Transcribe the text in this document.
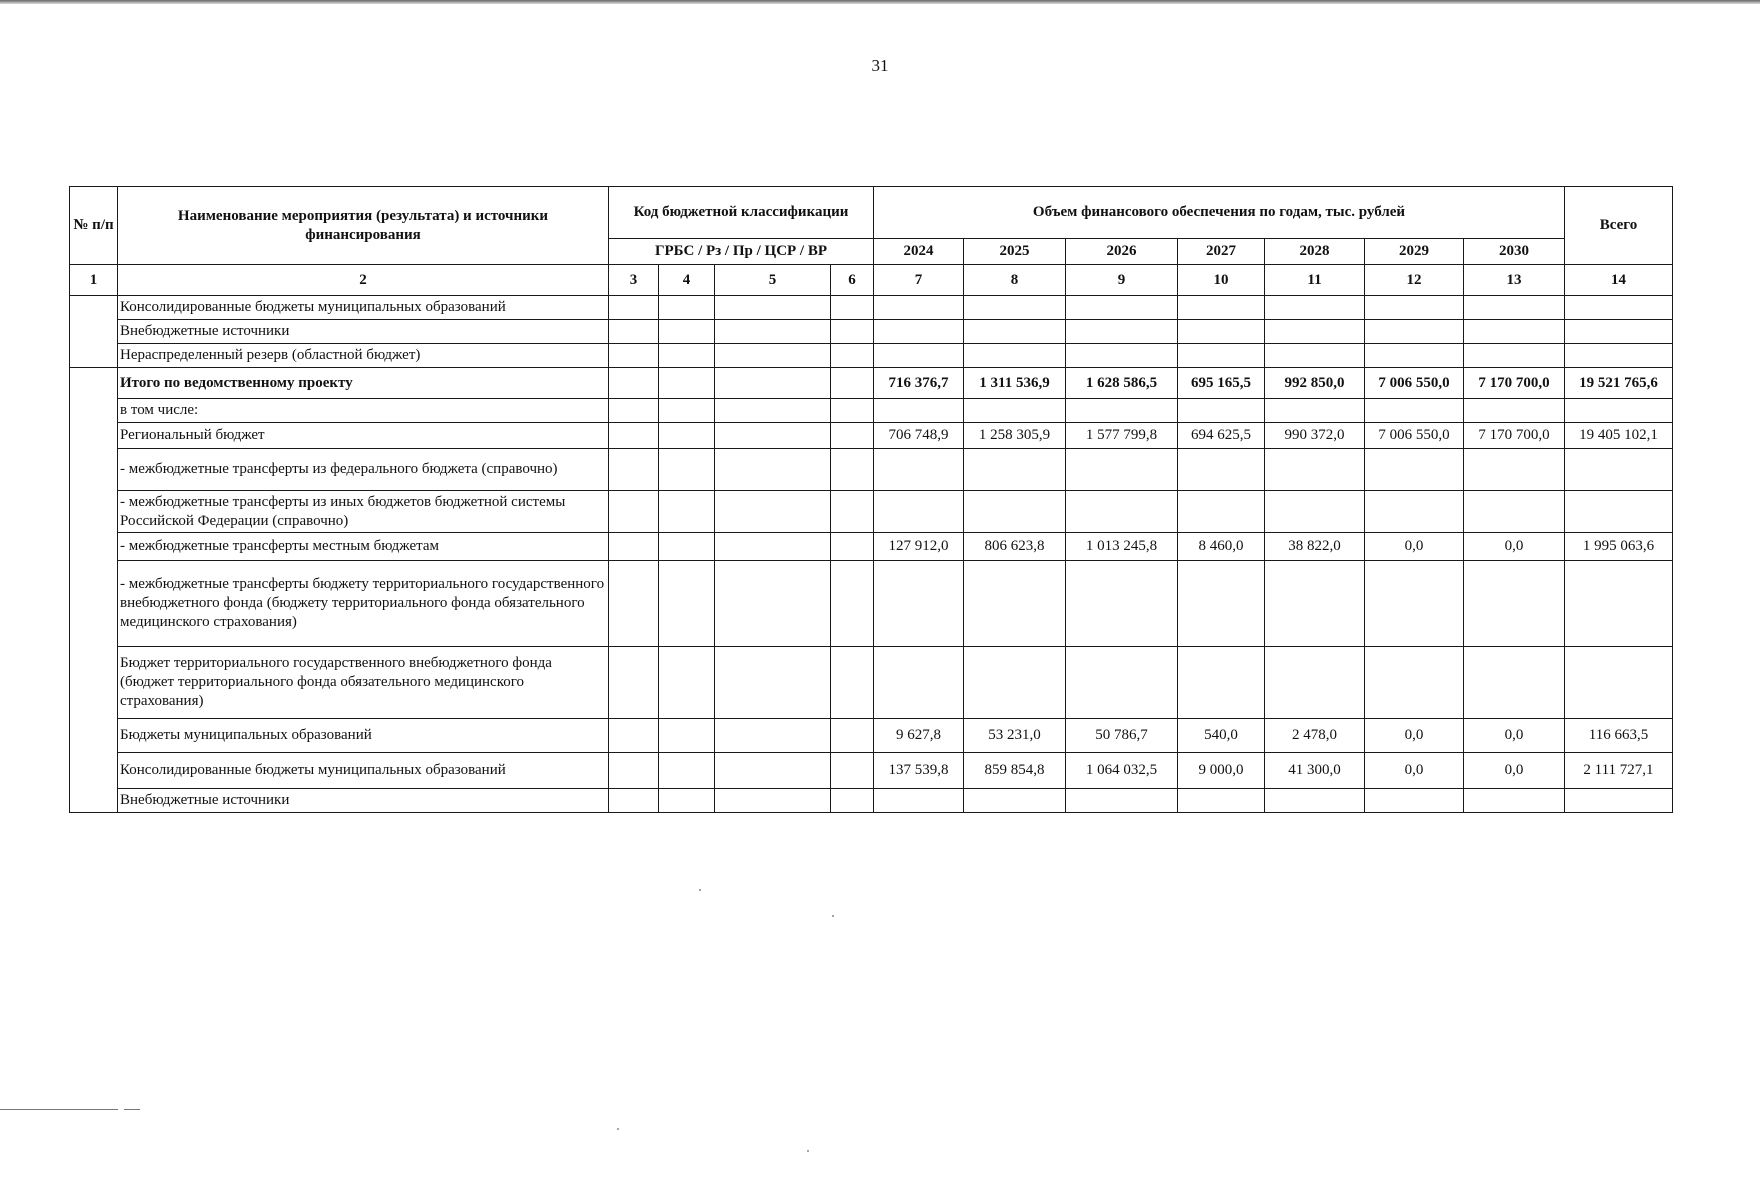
31
№ п/п	Наименование мероприятия (результата) и источники финансирования	Код бюджетной классификации				Объем финансового обеспечения по годам, тыс. рублей							Всего
		ГРБС / Рз / Пр / ЦСР / ВР				2024	2025	2026	2027	2028	2029	2030	
1	2	3	4	5	6	7	8	9	10	11	12	13	14
	Консолидированные бюджеты муниципальных образований												
	Внебюджетные источники												
	Нераспределенный резерв (областной бюджет)												
	Итого по ведомственному проекту					716 376,7	1 311 536,9	1 628 586,5	695 165,5	992 850,0	7 006 550,0	7 170 700,0	19 521 765,6
	в том числе:												
	Региональный бюджет					706 748,9	1 258 305,9	1 577 799,8	694 625,5	990 372,0	7 006 550,0	7 170 700,0	19 405 102,1
	- межбюджетные трансферты из федерального бюджета (справочно)												
	- межбюджетные трансферты из иных бюджетов бюджетной системы Российской Федерации (справочно)												
	- межбюджетные трансферты местным бюджетам					127 912,0	806 623,8	1 013 245,8	8 460,0	38 822,0	0,0	0,0	1 995 063,6
	- межбюджетные трансферты бюджету территориального государственного внебюджетного фонда (бюджету территориального фонда обязательного медицинского страхования)												
	Бюджет территориального государственного внебюджетного фонда (бюджет территориального фонда обязательного медицинского страхования)												
	Бюджеты муниципальных образований					9 627,8	53 231,0	50 786,7	540,0	2 478,0	0,0	0,0	116 663,5
	Консолидированные бюджеты муниципальных образований					137 539,8	859 854,8	1 064 032,5	9 000,0	41 300,0	0,0	0,0	2 111 727,1
	Внебюджетные источники												
